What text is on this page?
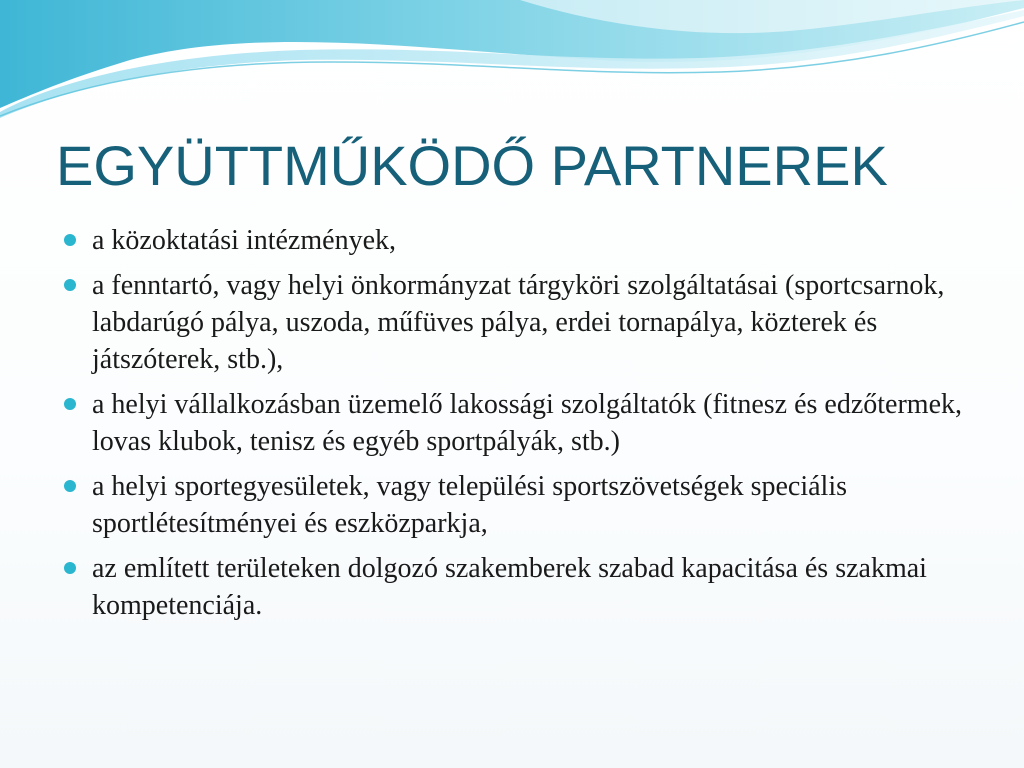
EGYÜTTMŰKÖDŐ PARTNEREK
a közoktatási intézmények,
a fenntartó, vagy helyi önkormányzat tárgyköri szolgáltatásai (sportcsarnok, labdarúgó pálya, uszoda, műfüves pálya, erdei tornapálya, közterek és játszóterek, stb.),
a helyi vállalkozásban üzemelő lakossági szolgáltatók (fitnesz és edzőtermek, lovas klubok, tenisz és egyéb sportpályák, stb.)
a helyi sportegyesületek, vagy települési sportszövetségek speciális sportlétesítményei és eszközparkja,
az említett területeken dolgozó szakemberek szabad kapacitása és szakmai kompetenciája.
